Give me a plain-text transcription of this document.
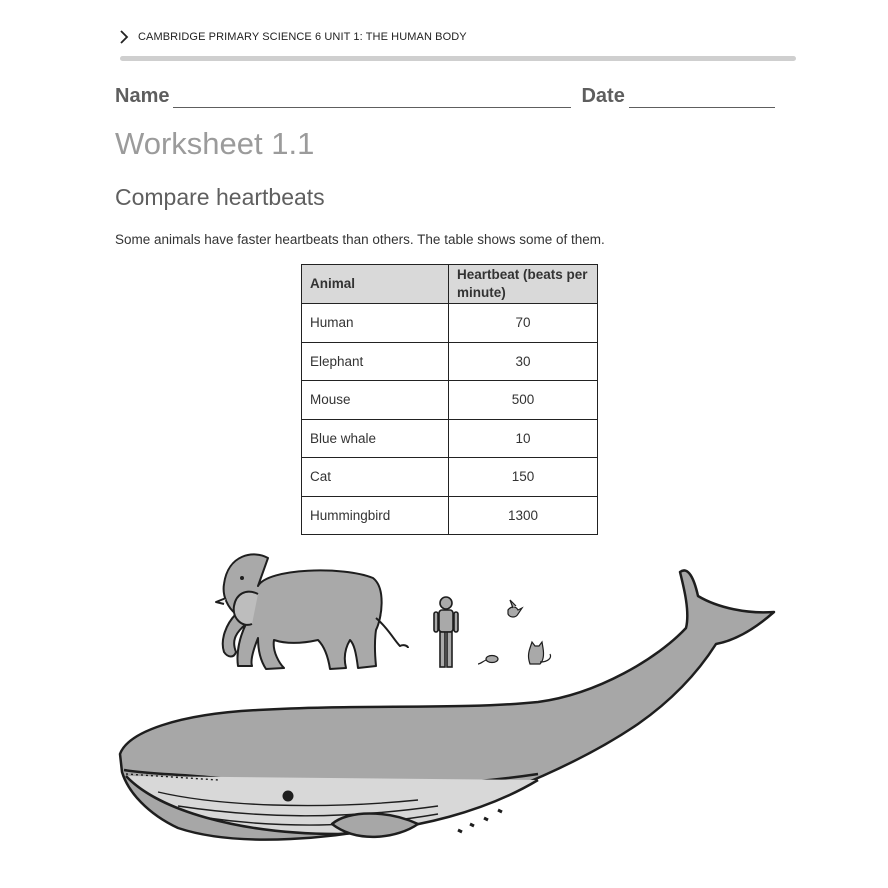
CAMBRIDGE PRIMARY SCIENCE 6 UNIT 1: THE HUMAN BODY
Name	Date
Worksheet 1.1
Compare heartbeats
Some animals have faster heartbeats than others. The table shows some of them.
Animal	Heartbeat (beats per minute)
Human	70
Elephant	30
Mouse	500
Blue whale	10
Cat	150
Hummingbird	1300
